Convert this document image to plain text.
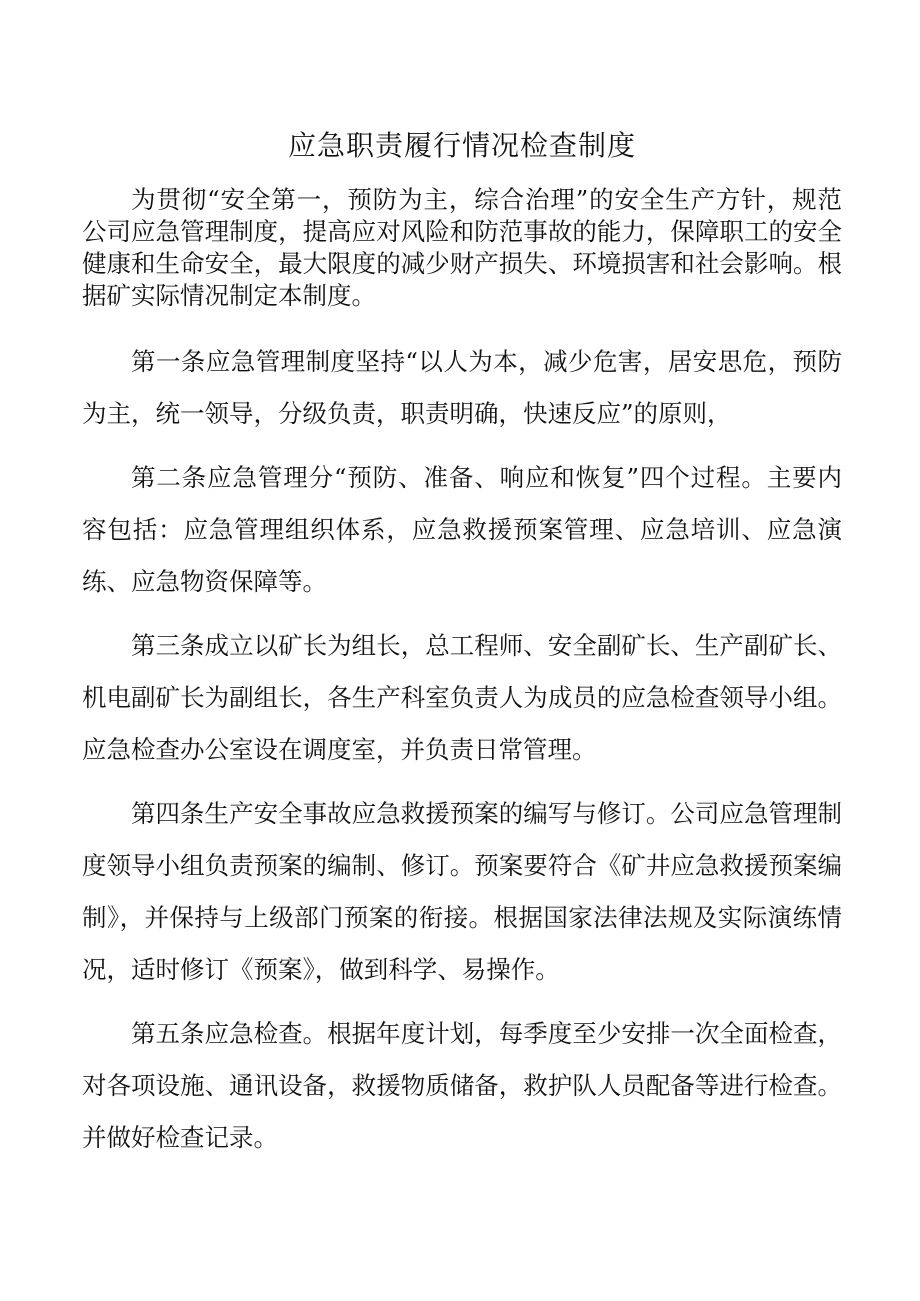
应急职责履行情况检查制度

为贯彻“安全第一，预防为主，综合治理”的安全生产方针，规范公司应急管理制度，提高应对风险和防范事故的能力，保障职工的安全健康和生命安全，最大限度的减少财产损失、环境损害和社会影响。根据矿实际情况制定本制度。

第一条应急管理制度坚持“以人为本，减少危害，居安思危，预防为主，统一领导，分级负责，职责明确，快速反应”的原则，

第二条应急管理分“预防、准备、响应和恢复”四个过程。主要内容包括：应急管理组织体系，应急救援预案管理、应急培训、应急演练、应急物资保障等。

第三条成立以矿长为组长，总工程师、安全副矿长、生产副矿长、机电副矿长为副组长，各生产科室负责人为成员的应急检查领导小组。应急检查办公室设在调度室，并负责日常管理。

第四条生产安全事故应急救援预案的编写与修订。公司应急管理制度领导小组负责预案的编制、修订。预案要符合《矿井应急救援预案编制》，并保持与上级部门预案的衔接。根据国家法律法规及实际演练情况，适时修订《预案》，做到科学、易操作。

第五条应急检查。根据年度计划，每季度至少安排一次全面检查，对各项设施、通讯设备，救援物质储备，救护队人员配备等进行检查。并做好检查记录。
